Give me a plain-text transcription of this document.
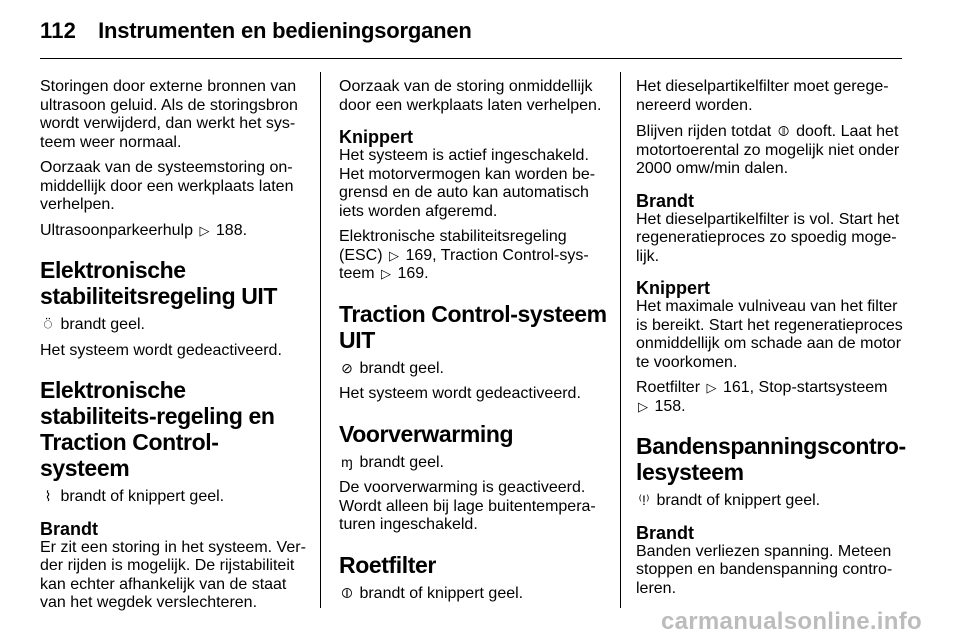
112 Instrumenten en bedieningsorganen

Storingen door externe bronnen van ultrasoon geluid. Als de storingsbron wordt verwijderd, dan werkt het sys-teem weer normaal.

Oorzaak van de systeemstoring on-middellijk door een werkplaats laten verhelpen.

Ultrasoonparkeerhulp ▷ 188.

Elektronische stabiliteitsregeling UIT

⍥ brandt geel.

Het systeem wordt gedeactiveerd.

Elektronische stabiliteits-regeling en Traction Control-systeem

⌇ brandt of knippert geel.

Brandt

Er zit een storing in het systeem. Ver-der rijden is mogelijk. De rijstabiliteit kan echter afhankelijk van de staat van het wegdek verslechteren.

Oorzaak van de storing onmiddellijk door een werkplaats laten verhelpen.

Knippert

Het systeem is actief ingeschakeld. Het motorvermogen kan worden be-grensd en de auto kan automatisch iets worden afgeremd.

Elektronische stabiliteitsregeling (ESC) ▷ 169, Traction Control-sys-teem ▷ 169.

Traction Control-systeem UIT

⊘ brandt geel.

Het systeem wordt gedeactiveerd.

Voorverwarming

ɱ brandt geel.

De voorverwarming is geactiveerd. Wordt alleen bij lage buitentempera-turen ingeschakeld.

Roetfilter

⦷ brandt of knippert geel.

Het dieselpartikelfilter moet gerege-nereerd worden.

Blijven rijden totdat ⦷ dooft. Laat het motortoerental zo mogelijk niet onder 2000 omw/min dalen.

Brandt

Het dieselpartikelfilter is vol. Start het regeneratieproces zo spoedig moge-lijk.

Knippert

Het maximale vulniveau van het filter is bereikt. Start het regeneratieproces onmiddellijk om schade aan de motor te voorkomen.

Roetfilter ▷ 161, Stop-startsysteem
▷ 158.

Bandenspanningscontro-lesysteem

⁽!⁾ brandt of knippert geel.

Brandt

Banden verliezen spanning. Meteen stoppen en bandenspanning contro-leren.

carmanualsonline.info
